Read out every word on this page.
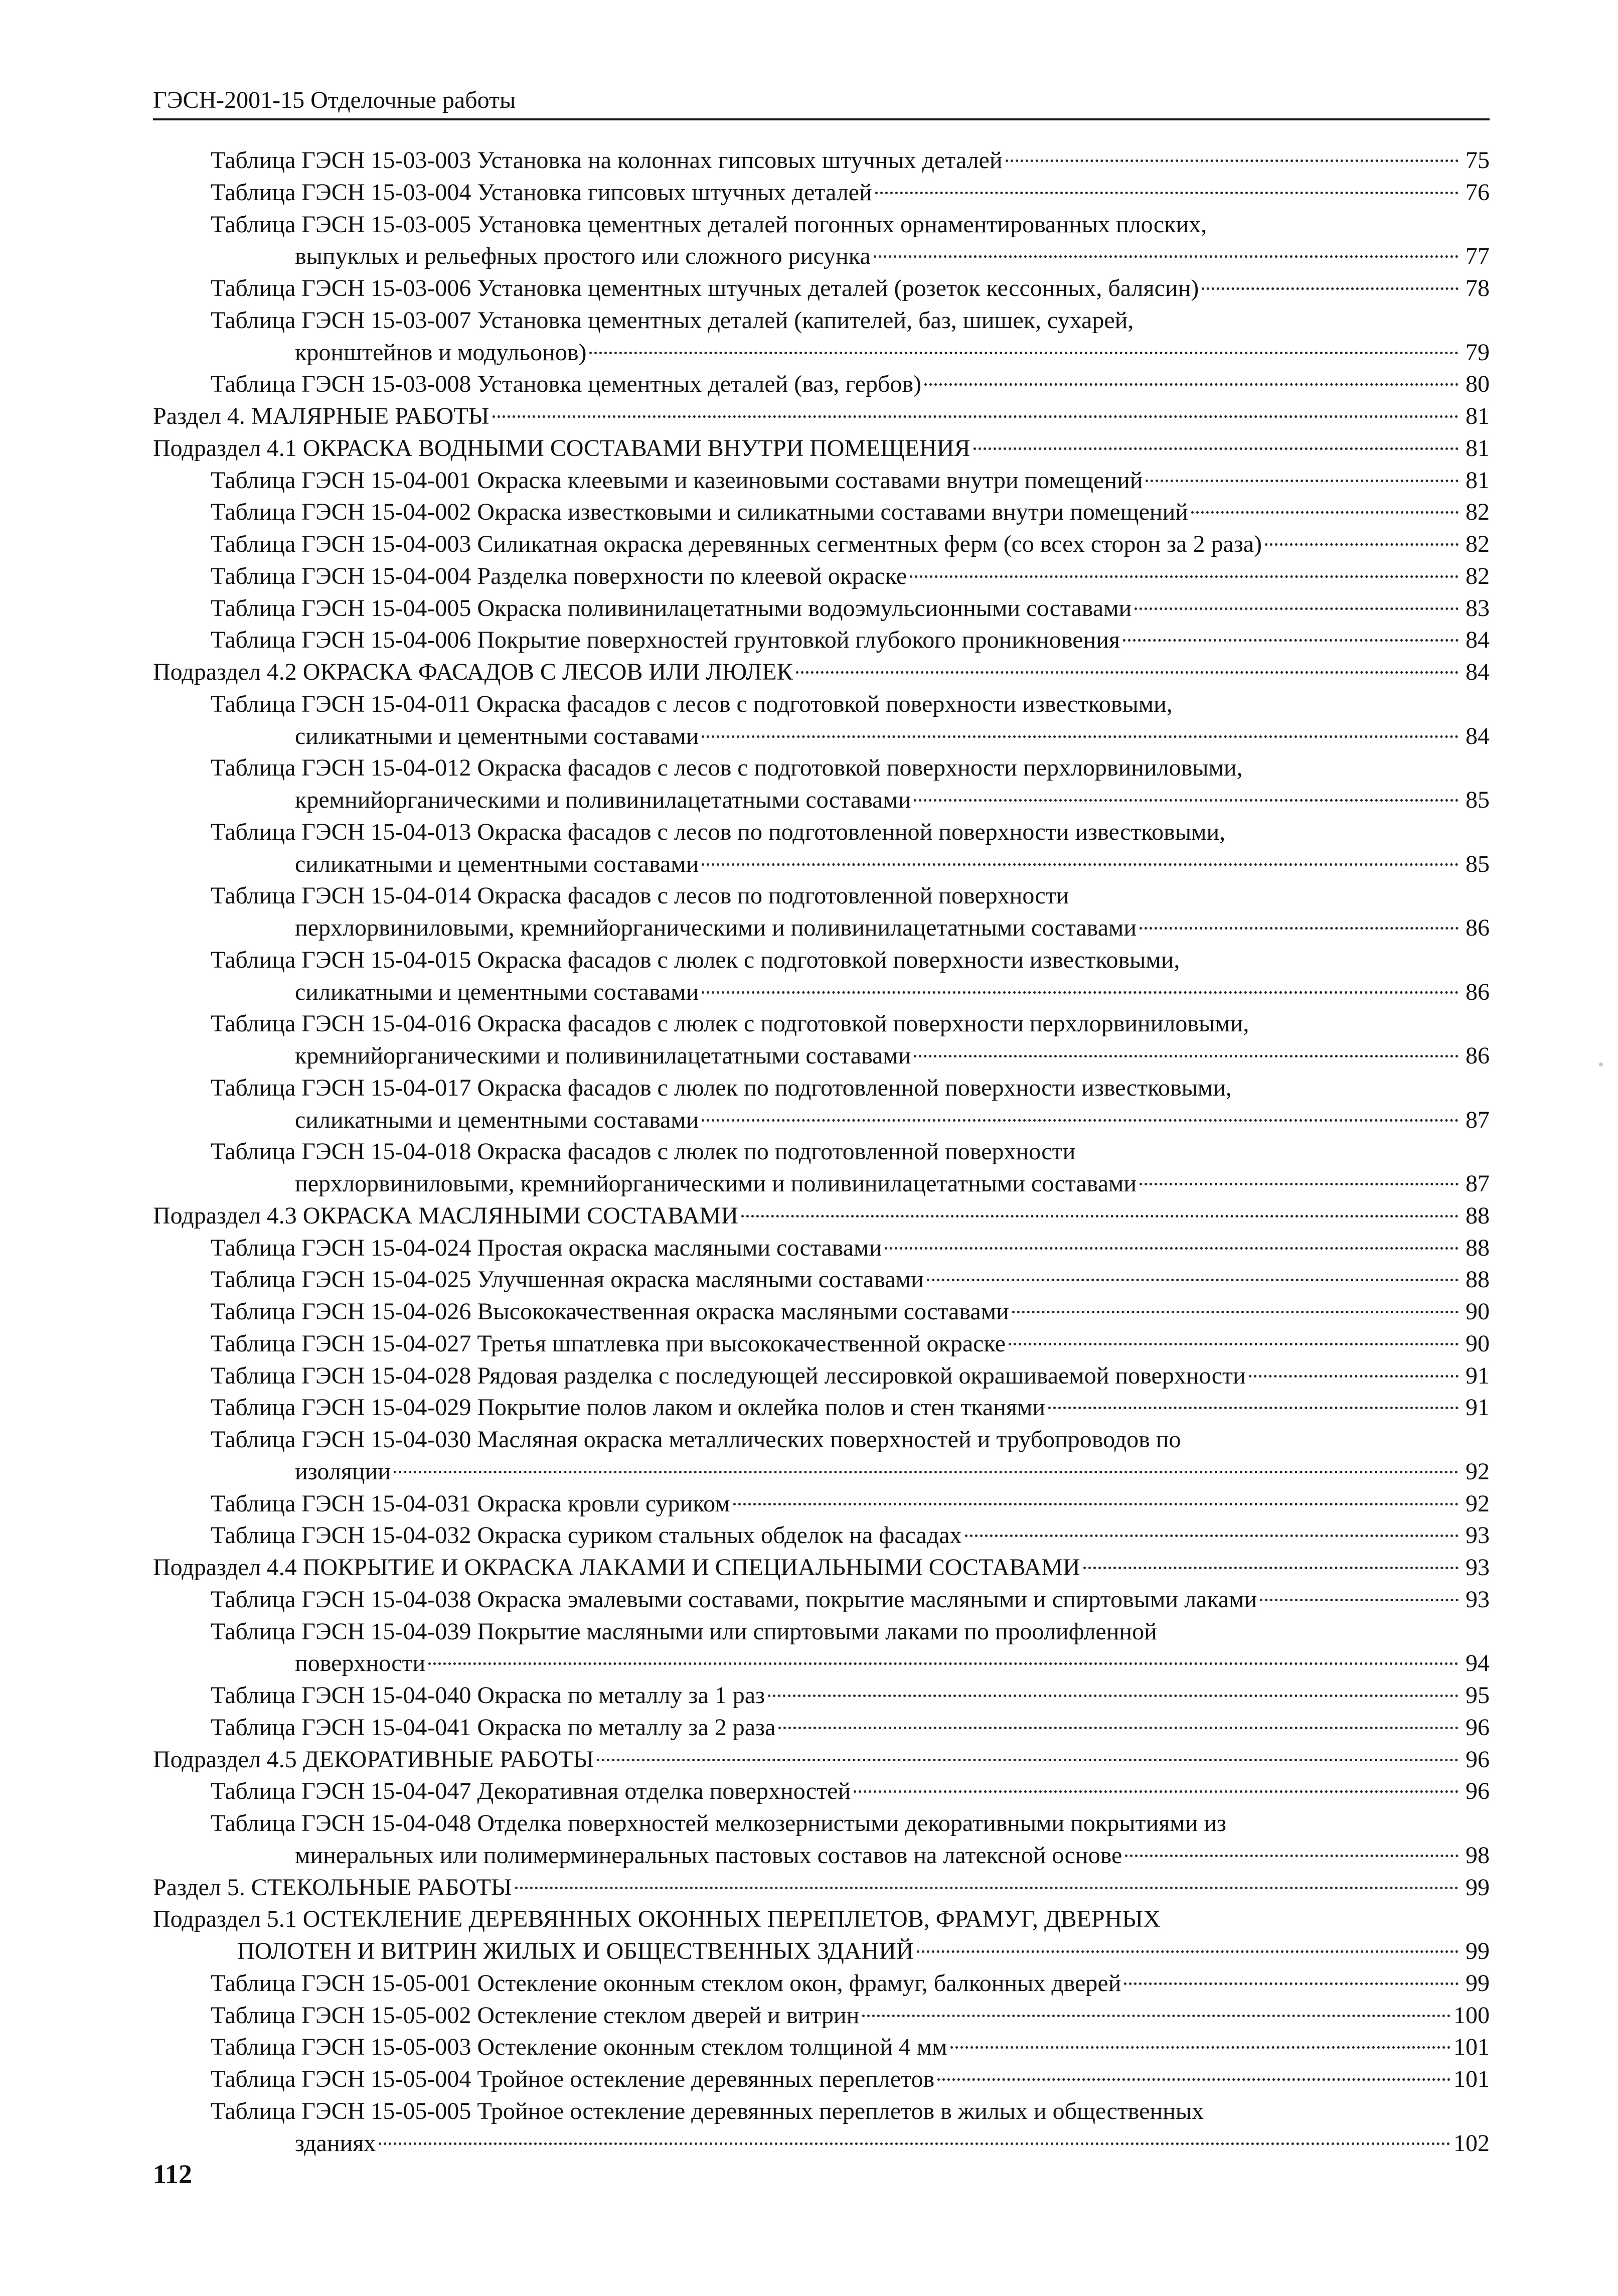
ГЭСН-2001-15 Отделочные работы
Таблица ГЭСН 15-03-003 Установка на колоннах гипсовых штучных деталей	75
Таблица ГЭСН 15-03-004 Установка гипсовых штучных деталей	76
Таблица ГЭСН 15-03-005 Установка цементных деталей погонных орнаментированных плоских,
выпуклых и рельефных простого или сложного рисунка	77
Таблица ГЭСН 15-03-006 Установка цементных штучных деталей (розеток кессонных, балясин)	78
Таблица ГЭСН 15-03-007 Установка цементных деталей (капителей, баз, шишек, сухарей,
кронштейнов и модульонов)	79
Таблица ГЭСН 15-03-008 Установка цементных деталей (ваз, гербов)	80
Раздел 4. МАЛЯРНЫЕ РАБОТЫ	81
Подраздел 4.1 ОКРАСКА ВОДНЫМИ СОСТАВАМИ ВНУТРИ ПОМЕЩЕНИЯ	81
Таблица ГЭСН 15-04-001 Окраска клеевыми и казеиновыми составами внутри помещений	81
Таблица ГЭСН 15-04-002 Окраска известковыми и силикатными составами внутри помещений	82
Таблица ГЭСН 15-04-003 Силикатная окраска деревянных сегментных ферм (со всех сторон за 2 раза)	82
Таблица ГЭСН 15-04-004 Разделка поверхности по клеевой окраске	82
Таблица ГЭСН 15-04-005 Окраска поливинилацетатными водоэмульсионными составами	83
Таблица ГЭСН 15-04-006 Покрытие поверхностей грунтовкой глубокого проникновения	84
Подраздел 4.2 ОКРАСКА ФАСАДОВ С ЛЕСОВ ИЛИ ЛЮЛЕК	84
Таблица ГЭСН 15-04-011 Окраска фасадов с лесов с подготовкой поверхности известковыми,
силикатными и цементными составами	84
Таблица ГЭСН 15-04-012 Окраска фасадов с лесов с подготовкой поверхности перхлорвиниловыми,
кремнийорганическими и поливинилацетатными составами	85
Таблица ГЭСН 15-04-013 Окраска фасадов с лесов по подготовленной поверхности известковыми,
силикатными и цементными составами	85
Таблица ГЭСН 15-04-014 Окраска фасадов с лесов по подготовленной поверхности
перхлорвиниловыми, кремнийорганическими и поливинилацетатными составами	86
Таблица ГЭСН 15-04-015 Окраска фасадов с люлек с подготовкой поверхности известковыми,
силикатными и цементными составами	86
Таблица ГЭСН 15-04-016 Окраска фасадов с люлек с подготовкой поверхности перхлорвиниловыми,
кремнийорганическими и поливинилацетатными составами	86
Таблица ГЭСН 15-04-017 Окраска фасадов с люлек по подготовленной поверхности известковыми,
силикатными и цементными составами	87
Таблица ГЭСН 15-04-018 Окраска фасадов с люлек по подготовленной поверхности
перхлорвиниловыми, кремнийорганическими и поливинилацетатными составами	87
Подраздел 4.3 ОКРАСКА МАСЛЯНЫМИ СОСТАВАМИ	88
Таблица ГЭСН 15-04-024 Простая окраска масляными составами	88
Таблица ГЭСН 15-04-025 Улучшенная окраска масляными составами	88
Таблица ГЭСН 15-04-026 Высококачественная окраска масляными составами	90
Таблица ГЭСН 15-04-027 Третья шпатлевка при высококачественной окраске	90
Таблица ГЭСН 15-04-028 Рядовая разделка с последующей лессировкой окрашиваемой поверхности	91
Таблица ГЭСН 15-04-029 Покрытие полов лаком и оклейка полов и стен тканями	91
Таблица ГЭСН 15-04-030 Масляная окраска металлических поверхностей и трубопроводов по
изоляции	92
Таблица ГЭСН 15-04-031 Окраска кровли суриком	92
Таблица ГЭСН 15-04-032 Окраска суриком стальных обделок на фасадах	93
Подраздел 4.4 ПОКРЫТИЕ И ОКРАСКА ЛАКАМИ И СПЕЦИАЛЬНЫМИ СОСТАВАМИ	93
Таблица ГЭСН 15-04-038 Окраска эмалевыми составами, покрытие масляными и спиртовыми лаками	93
Таблица ГЭСН 15-04-039 Покрытие масляными или спиртовыми лаками по проолифленной
поверхности	94
Таблица ГЭСН 15-04-040 Окраска по металлу за 1 раз	95
Таблица ГЭСН 15-04-041 Окраска по металлу за 2 раза	96
Подраздел 4.5 ДЕКОРАТИВНЫЕ РАБОТЫ	96
Таблица ГЭСН 15-04-047 Декоративная отделка поверхностей	96
Таблица ГЭСН 15-04-048 Отделка поверхностей мелкозернистыми декоративными покрытиями из
минеральных или полимерминеральных пастовых составов на латексной основе	98
Раздел 5. СТЕКОЛЬНЫЕ РАБОТЫ	99
Подраздел 5.1 ОСТЕКЛЕНИЕ ДЕРЕВЯННЫХ ОКОННЫХ ПЕРЕПЛЕТОВ, ФРАМУГ, ДВЕРНЫХ
ПОЛОТЕН И ВИТРИН ЖИЛЫХ И ОБЩЕСТВЕННЫХ ЗДАНИЙ	99
Таблица ГЭСН 15-05-001 Остекление оконным стеклом окон, фрамуг, балконных дверей	99
Таблица ГЭСН 15-05-002 Остекление стеклом дверей и витрин	100
Таблица ГЭСН 15-05-003 Остекление оконным стеклом толщиной 4 мм	101
Таблица ГЭСН 15-05-004 Тройное остекление деревянных переплетов	101
Таблица ГЭСН 15-05-005 Тройное остекление деревянных переплетов в жилых и общественных
зданиях	102
112
